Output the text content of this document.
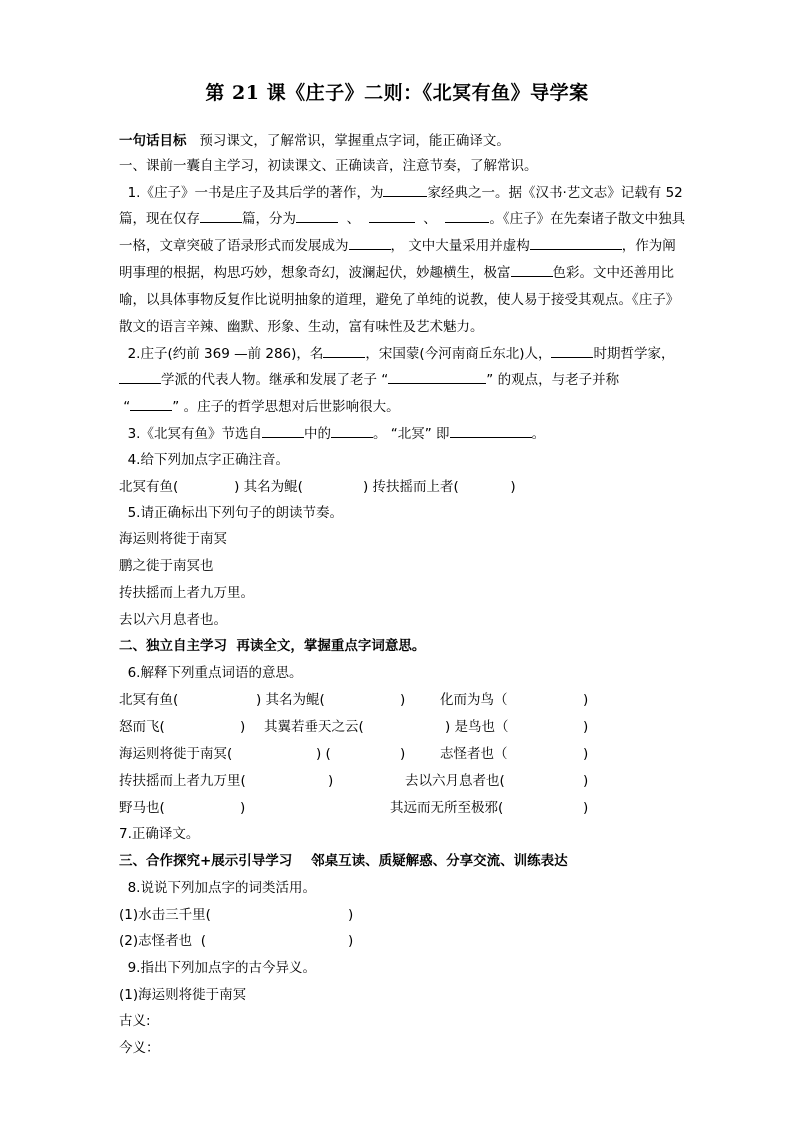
第 21 课《庄子》二则：《北冥有鱼》导学案
一句话目标 预习课文，了解常识，掌握重点字词，能正确译文。
一、课前一囊自主学习，初读课文、正确读音，注意节奏，了解常识。
1.《庄子》一书是庄子及其后学的著作，为	家经典之一。据《汉书·艺文志》记载有 52
篇，现在仅存	篇，分为	、	、	。《庄子》在先秦诸子散文中独具
一格，文章突破了语录形式而发展成为	， 文中大量采用并虚构	，作为阐
明事理的根据，构思巧妙，想象奇幻，波澜起伏，妙趣横生，极富	色彩。文中还善用比
喻，以具体事物反复作比说明抽象的道理，避免了单纯的说教，使人易于接受其观点。《庄子》
散文的语言辛辣、幽默、形象、生动，富有味性及艺术魅力。
2.庄子(约前 369 —前 286)，名	，宋国蒙(今河南商丘东北)人，	时期哲学家，
学派的代表人物。继承和发展了老子 “	” 的观点，与老子并称
“	” 。庄子的哲学思想对后世影响很大。
3.《北冥有鱼》节选自	中的	。 “北冥” 即	。
4.给下列加点字正确注音。
北冥有鱼(	) 其名为鲲(	) 抟扶摇而上者(	)
5.请正确标出下列句子的朗读节奏。
海运则将徙于南冥
鹏之徙于南冥也
抟扶摇而上者九万里。
去以六月息者也。
二、独立自主学习  再读全文，掌握重点字词意思。
6.解释下列重点词语的意思。
北冥有鱼(	) 其名为鲲(	)	化而为鸟（	)
怒而飞(	) 其翼若垂天之云(	) 是鸟也（	)
海运则将徙于南冥(	) (	)	志怪者也（	)
抟扶摇而上者九万里(	)	去以六月息者也(	)
野马也(	)	其远而无所至极邪(	)
7.正确译文。
三、合作探究+展示引导学习    邻桌互读、质疑解惑、分享交流、训练表达
8.说说下列加点字的词类活用。
(1)水击三千里(	)
(2)志怪者也  (	)
9.指出下列加点字的古今异义。
(1)海运则将徙于南冥
古义:
今义：
